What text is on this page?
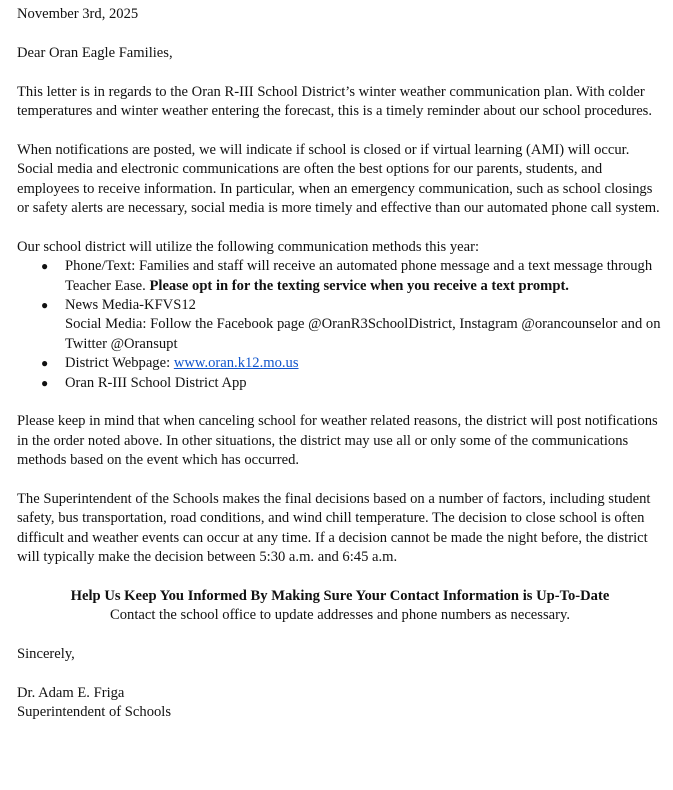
November 3rd, 2025

Dear Oran Eagle Families,

This letter is in regards to the Oran R-III School District’s winter weather communication plan. With colder temperatures and winter weather entering the forecast, this is a timely reminder about our school procedures.

When notifications are posted, we will indicate if school is closed or if virtual learning (AMI) will occur. Social media and electronic communications are often the best options for our parents, students, and employees to receive information. In particular, when an emergency communication, such as school closings or safety alerts are necessary, social media is more timely and effective than our automated phone call system.

Our school district will utilize the following communication methods this year:

● Phone/Text: Families and staff will receive an automated phone message and a text message through Teacher Ease. Please opt in for the texting service when you receive a text prompt.
● News Media-KFVS12
Social Media: Follow the Facebook page @OranR3SchoolDistrict, Instagram @orancounselor and on Twitter @Oransupt
● District Webpage: www.oran.k12.mo.us
● Oran R-III School District App

Please keep in mind that when canceling school for weather related reasons, the district will post notifications in the order noted above. In other situations, the district may use all or only some of the communications methods based on the event which has occurred.

The Superintendent of the Schools makes the final decisions based on a number of factors, including student safety, bus transportation, road conditions, and wind chill temperature. The decision to close school is often difficult and weather events can occur at any time. If a decision cannot be made the night before, the district will typically make the decision between 5:30 a.m. and 6:45 a.m.

Help Us Keep You Informed By Making Sure Your Contact Information is Up-To-Date

Contact the school office to update addresses and phone numbers as necessary.

Sincerely,

Dr. Adam E. Friga

Superintendent of Schools
